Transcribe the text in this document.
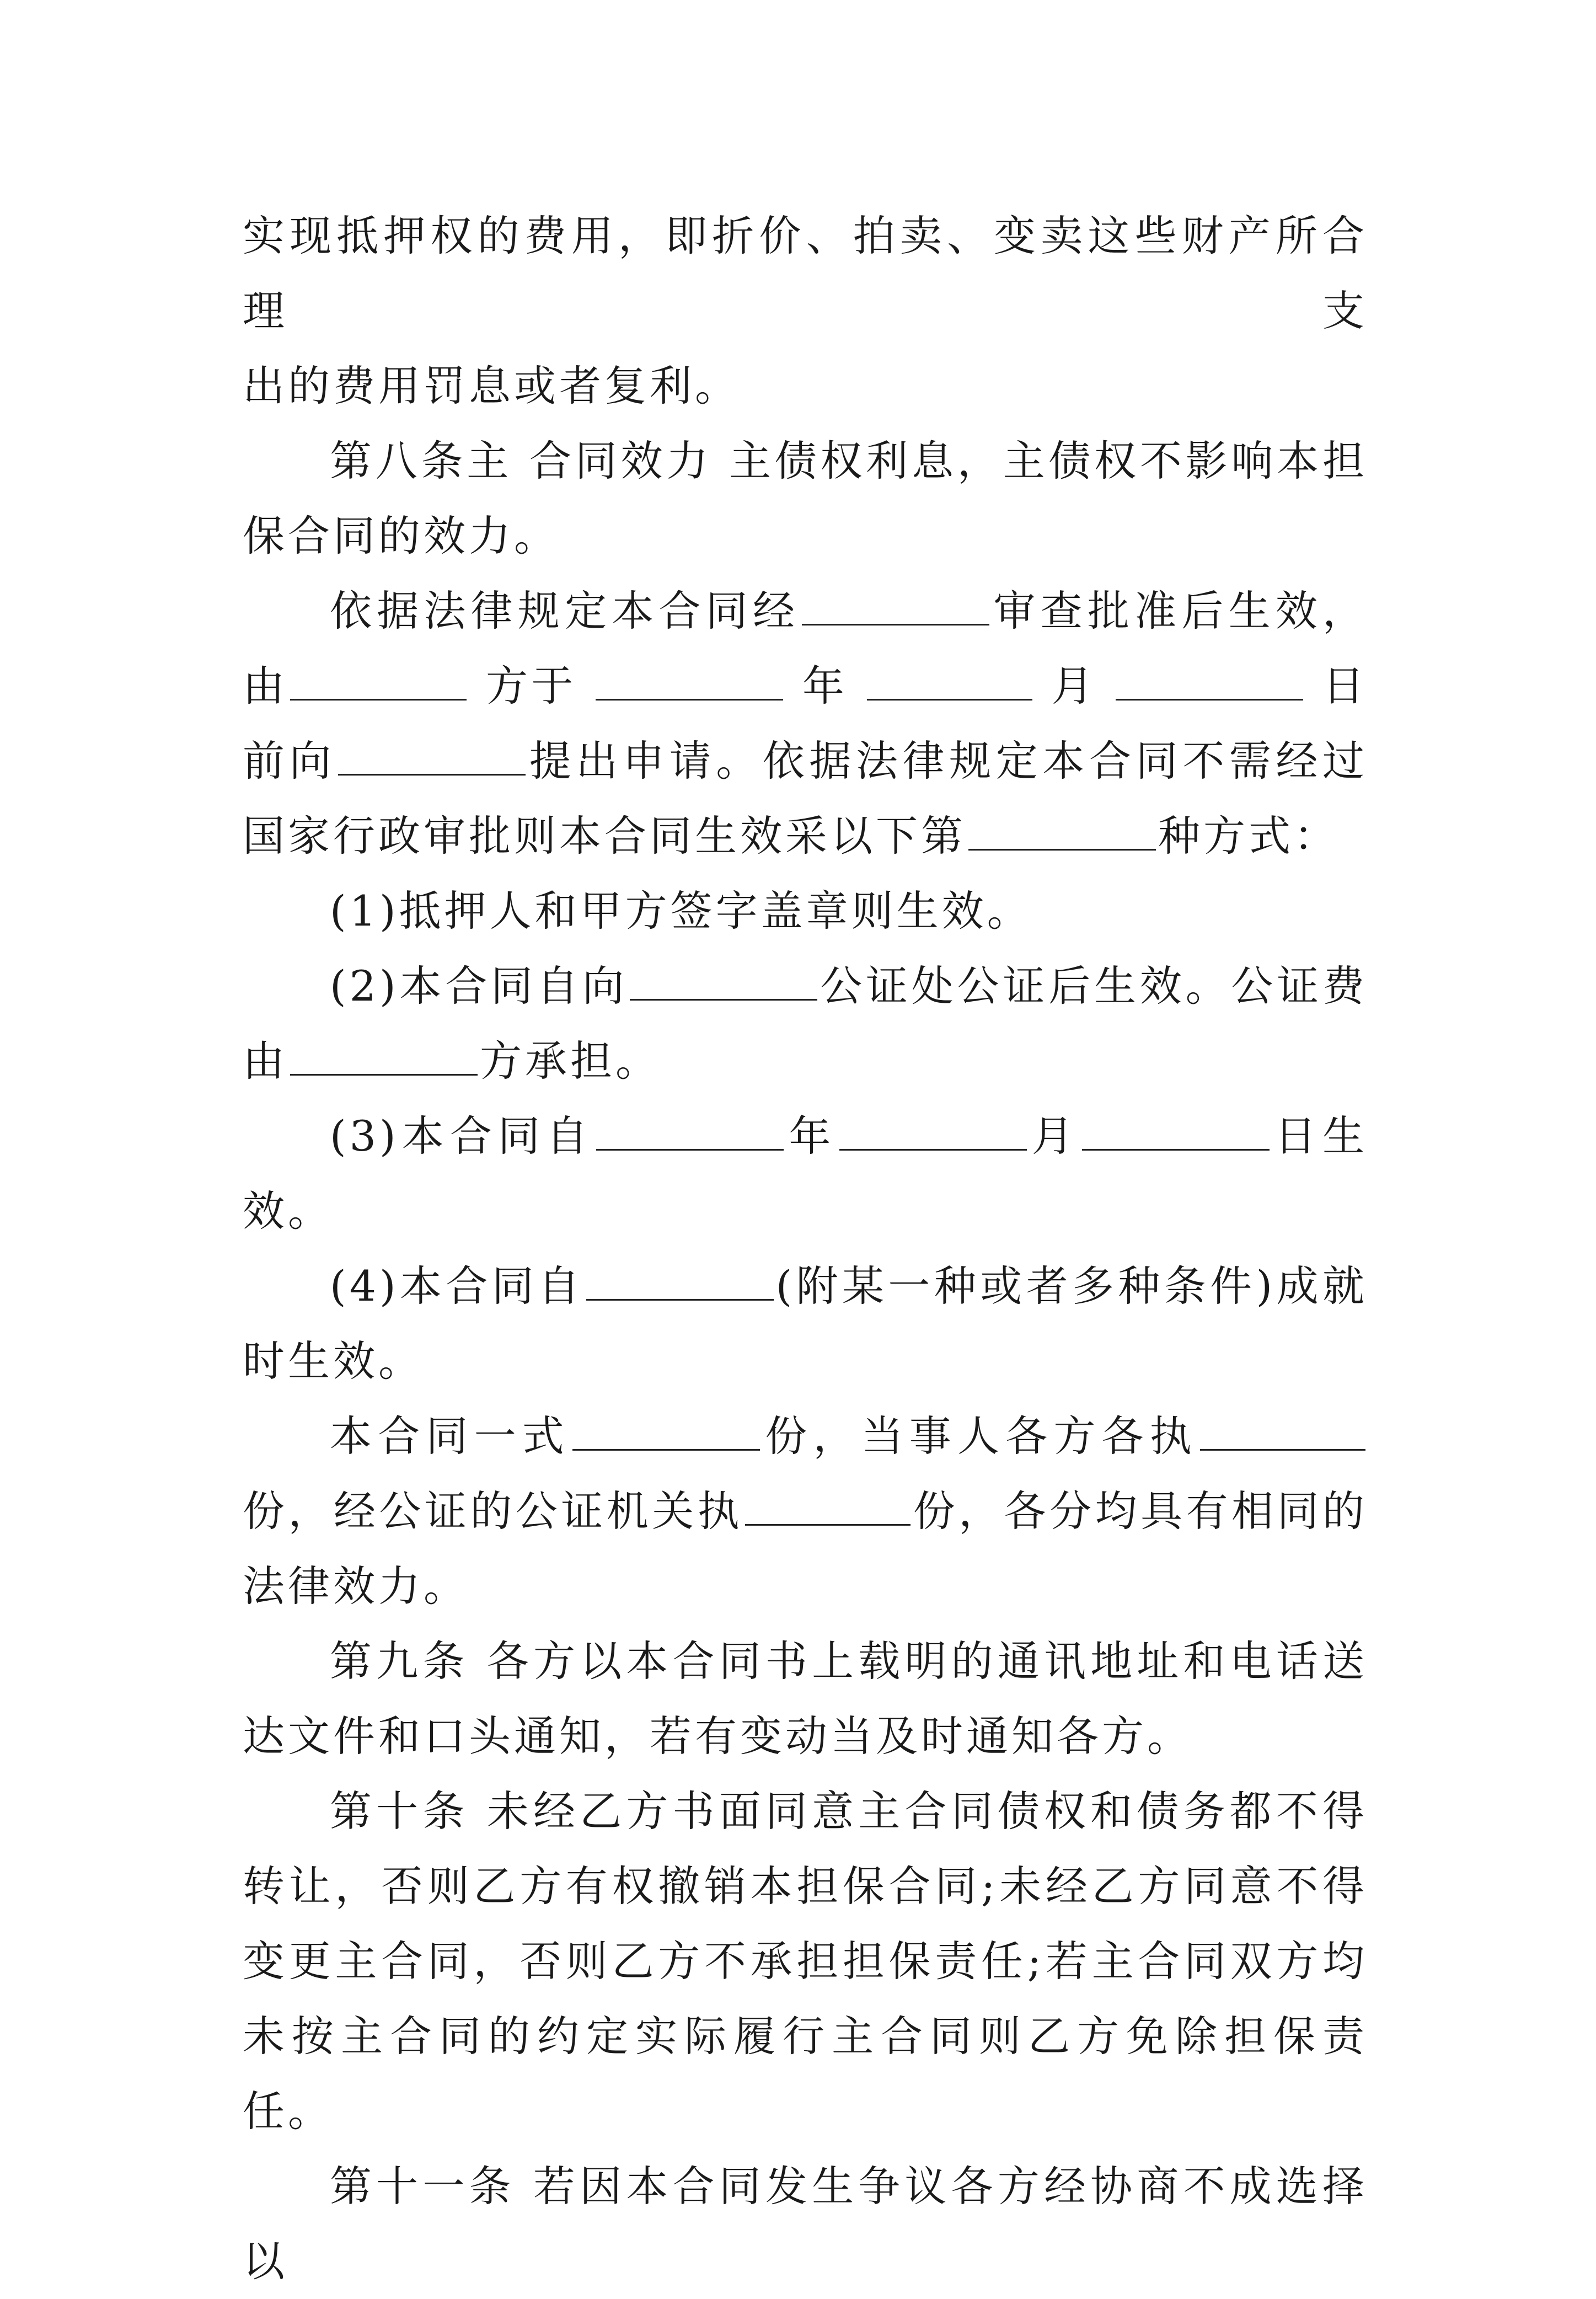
实现抵押权的费用，即折价、拍卖、变卖这些财产所合理支

出的费用罚息或者复利。

第八条主 合同效力 主债权利息，主债权不影响本担保合同的效力。

依据法律规定本合同经	审查批准后生效，由	方于	年	月	日前向	提出申请。依据法律规定本合同不需经过国家行政审批则本合同生效采以下第	种方式：

(1)抵押人和甲方签字盖章则生效。

(2)本合同自向	公证处公证后生效。公证费由	方承担。

(3)本合同自	年	月	日生效。

(4)本合同自	(附某一种或者多种条件)成就时生效。

本合同一式	份，当事人各方各执份，经公证的公证机关执	份，各分均具有相同的法律效力。

第九条 各方以本合同书上载明的通讯地址和电话送达文件和口头通知，若有变动当及时通知各方。

第十条 未经乙方书面同意主合同债权和债务都不得转让，否则乙方有权撤销本担保合同;未经乙方同意不得变更主合同，否则乙方不承担担保责任;若主合同双方均未按主合同的约定实际履行主合同则乙方免除担保责任。

第十一条 若因本合同发生争议各方经协商不成选择以
